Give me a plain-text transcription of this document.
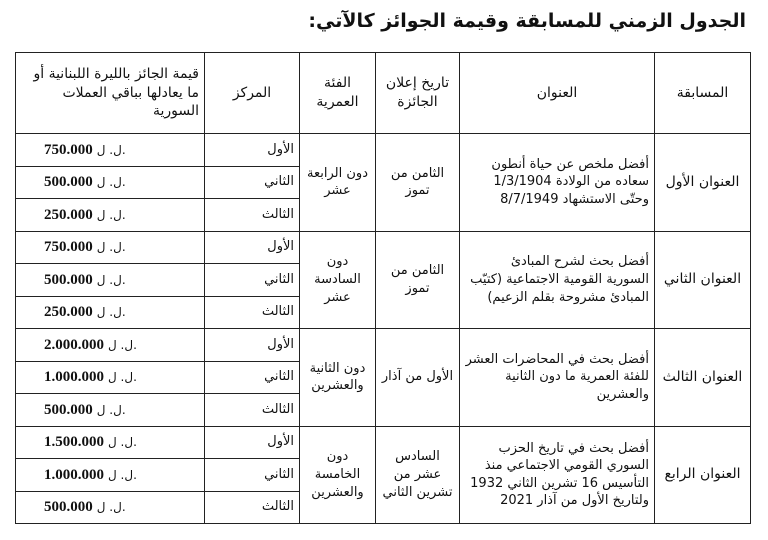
الجدول الزمني للمسابقة وقيمة الجوائز كالآتي:
المسابقة	العنوان	تاريخ إعلان الجائزة	الفئة العمرية	المركز	قيمة الجائز بالليرة اللبنانية أو ما يعادلها بباقي العملات السورية
العنوان الأول	أفضل ملخص عن حياة أنطون سعاده من الولادة 1/3/1904 وحتّى الاستشهاد 8/7/1949	الثامن من تموز	دون الرابعة عشر	الأول	750.000 ل. ل.
				الثاني	500.000 ل. ل.
				الثالث	250.000 ل. ل.
العنوان الثاني	أفضل بحث لشرح المبادئ السورية القومية الاجتماعية (كتيّب المبادئ مشروحة بقلم الزعيم)	الثامن من تموز	دون السادسة عشر	الأول	750.000 ل. ل.
				الثاني	500.000 ل. ل.
				الثالث	250.000 ل. ل.
العنوان الثالث	أفضل بحث في المحاضرات العشر للفئة العمرية ما دون الثانية والعشرين	الأول من آذار	دون الثانية والعشرين	الأول	2.000.000 ل. ل.
				الثاني	1.000.000 ل. ل.
				الثالث	500.000 ل. ل.
العنوان الرابع	أفضل بحث في تاريخ الحزب السوري القومي الاجتماعي منذ التأسيس 16 تشرين الثاني 1932 ولتاريخ الأول من آذار 2021	السادس عشر من تشرين الثاني	دون الخامسة والعشرين	الأول	1.500.000 ل. ل.
				الثاني	1.000.000 ل. ل.
				الثالث	500.000 ل. ل.
